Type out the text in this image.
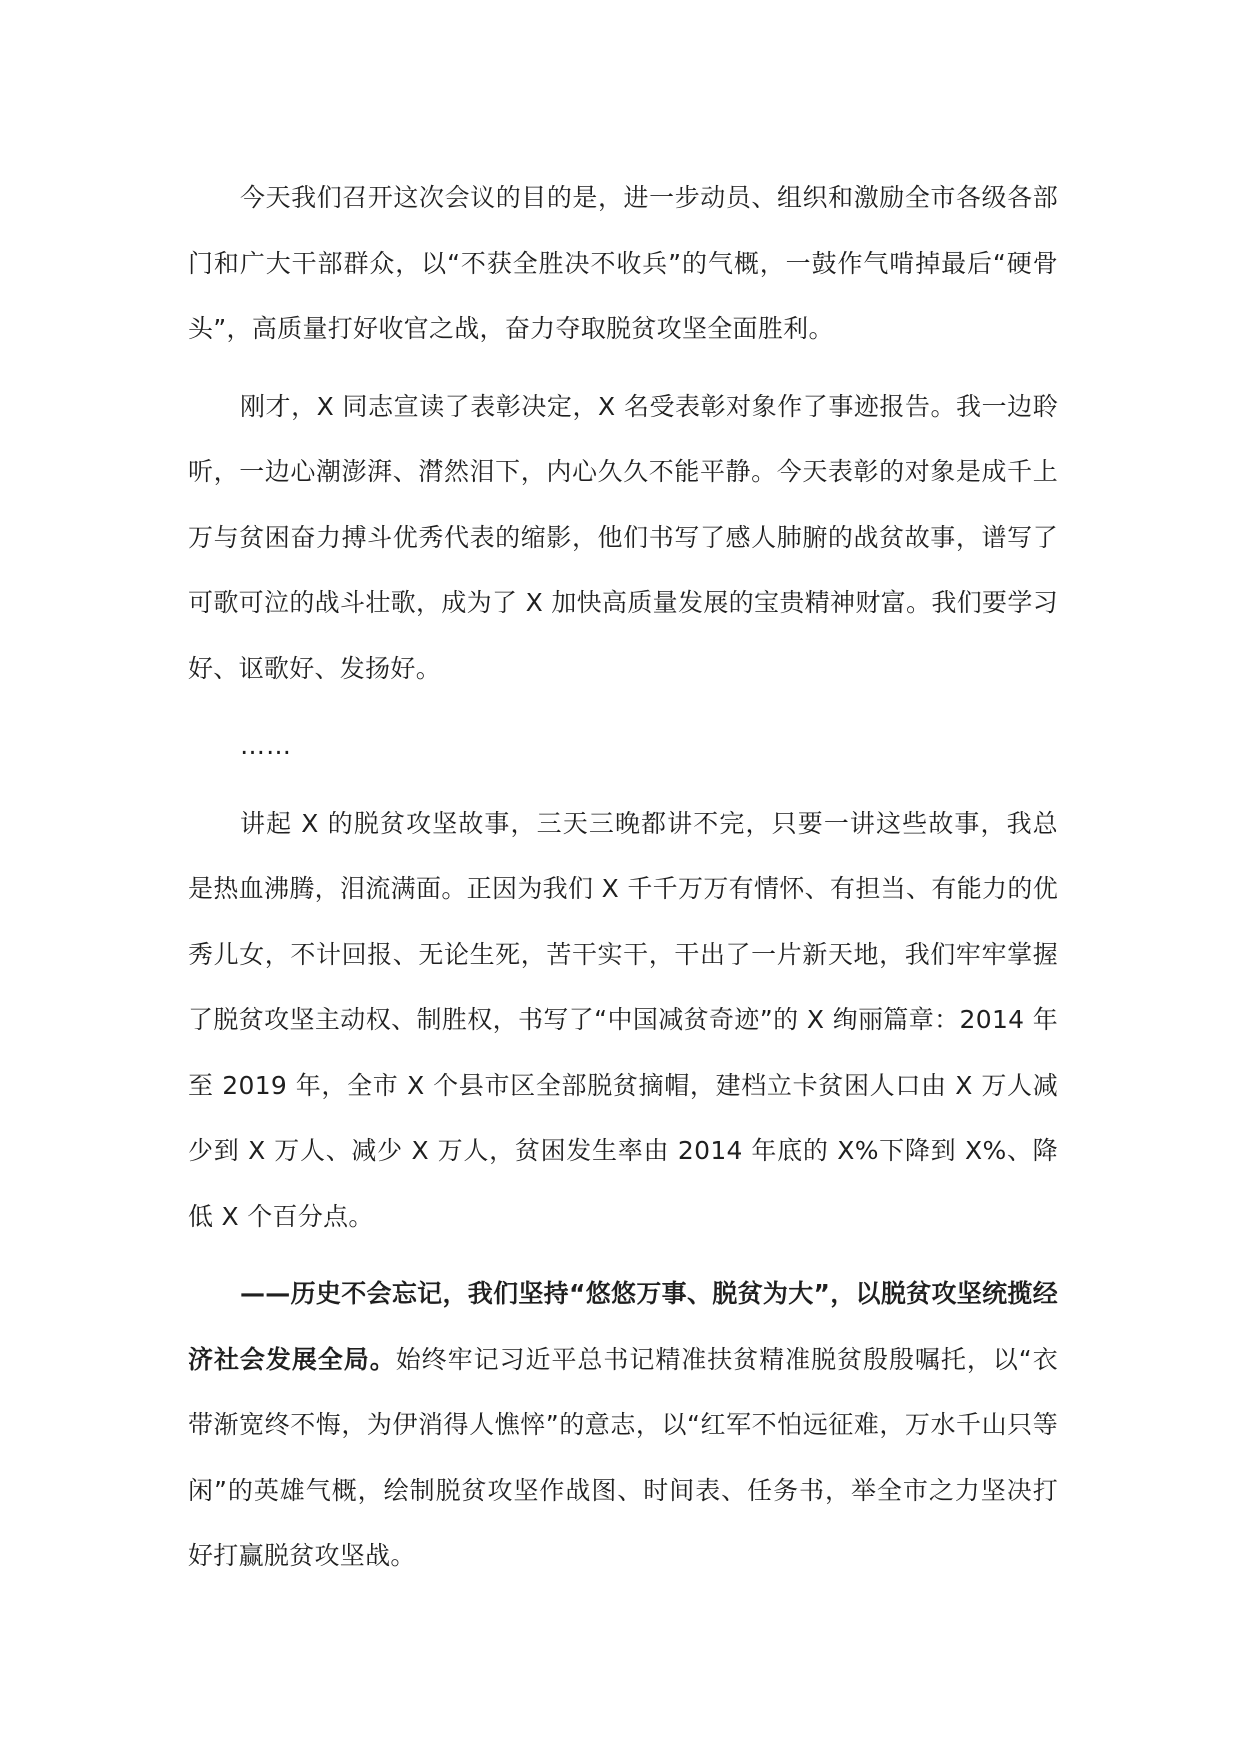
今天我们召开这次会议的目的是，进一步动员、组织和激励全市各级各部门和广大干部群众，以“不获全胜决不收兵”的气概，一鼓作气啃掉最后“硬骨头”，高质量打好收官之战，奋力夺取脱贫攻坚全面胜利。

刚才，X 同志宣读了表彰决定，X 名受表彰对象作了事迹报告。我一边聆听，一边心潮澎湃、潸然泪下，内心久久不能平静。今天表彰的对象是成千上万与贫困奋力搏斗优秀代表的缩影，他们书写了感人肺腑的战贫故事，谱写了可歌可泣的战斗壮歌，成为了 X 加快高质量发展的宝贵精神财富。我们要学习好、讴歌好、发扬好。

……

讲起 X 的脱贫攻坚故事，三天三晚都讲不完，只要一讲这些故事，我总是热血沸腾，泪流满面。正因为我们 X 千千万万有情怀、有担当、有能力的优秀儿女，不计回报、无论生死，苦干实干，干出了一片新天地，我们牢牢掌握了脱贫攻坚主动权、制胜权，书写了“中国减贫奇迹”的 X 绚丽篇章：2014 年至 2019 年，全市 X 个县市区全部脱贫摘帽，建档立卡贫困人口由 X 万人减少到 X 万人、减少 X 万人，贫困发生率由 2014 年底的 X%下降到 X%、降低 X 个百分点。

——历史不会忘记，我们坚持“悠悠万事、脱贫为大”，以脱贫攻坚统揽经济社会发展全局。始终牢记习近平总书记精准扶贫精准脱贫殷殷嘱托，以“衣带渐宽终不悔，为伊消得人憔悴”的意志，以“红军不怕远征难，万水千山只等闲”的英雄气概，绘制脱贫攻坚作战图、时间表、任务书，举全市之力坚决打好打赢脱贫攻坚战。
